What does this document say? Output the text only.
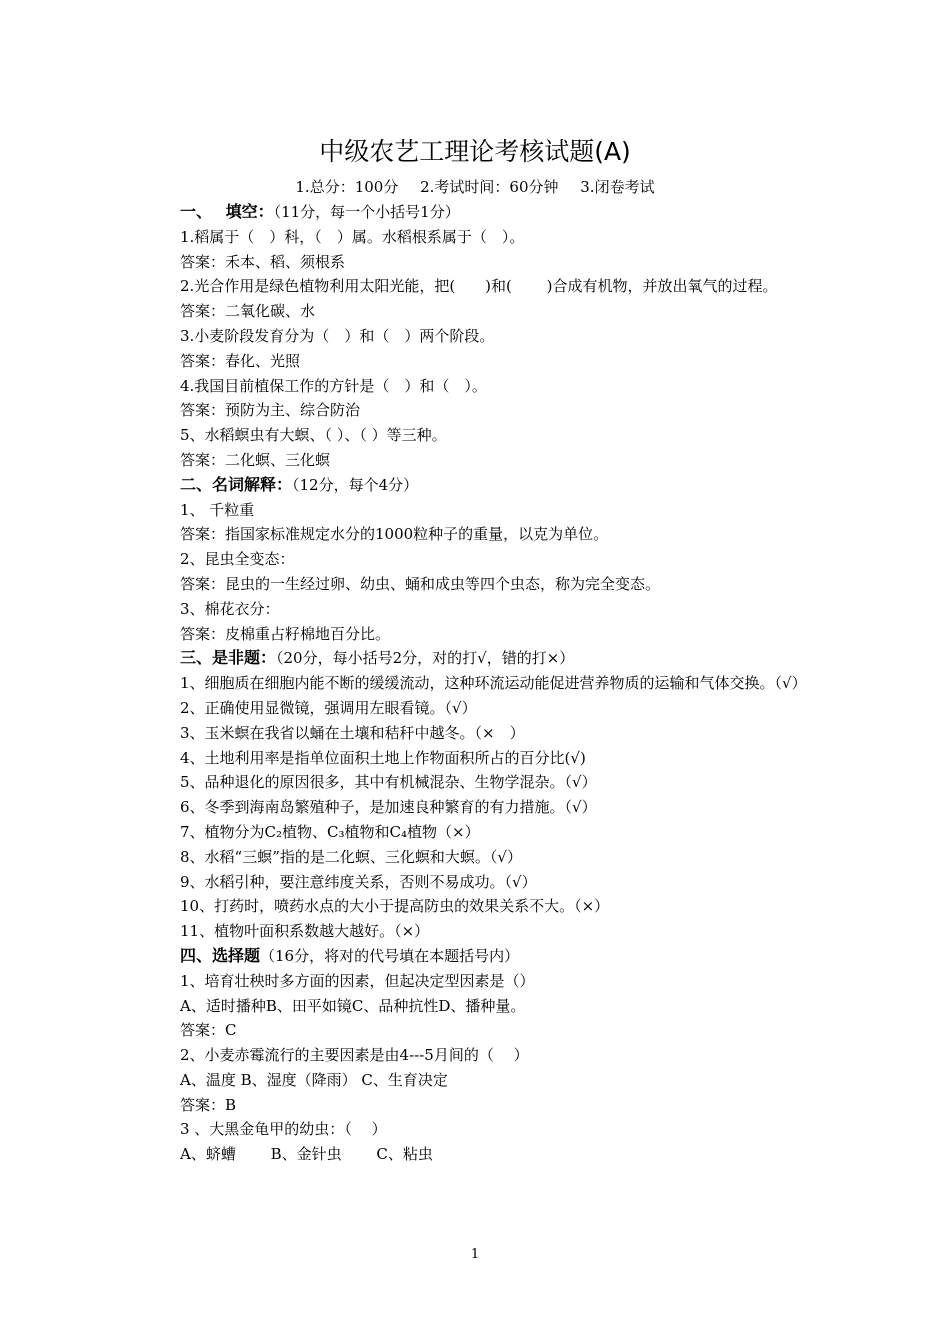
中级农艺工理论考核试题(A)
1.总分：100分　 2.考试时间：60分钟　 3.闭卷考试
一、　 填空：（11分，每一个小括号1分）
1.稻属于（　）科，（　）属。水稻根系属于（　）。
答案：禾本、稻、须根系
2.光合作用是绿色植物利用太阳光能，把(　　)和(　　 )合成有机物，并放出氧气的过程。
答案：二氧化碳、水
3.小麦阶段发育分为（　）和（　）两个阶段。
答案：春化、光照
4.我国目前植保工作的方针是（　）和（　）。
答案：预防为主、综合防治
5、水稻螟虫有大螟、（ ）、（ ）等三种。
答案：二化螟、三化螟
二、名词解释：（12分，每个4分）
1、 千粒重
答案：指国家标准规定水分的1000粒种子的重量，以克为单位。
2、昆虫全变态：
答案：昆虫的一生经过卵、幼虫、蛹和成虫等四个虫态，称为完全变态。
3、棉花衣分：
答案：皮棉重占籽棉地百分比。
三、是非题：（20分，每小括号2分，对的打√，错的打×）
1、细胞质在细胞内能不断的缓缓流动，这种环流运动能促进营养物质的运输和气体交换。（√）
2、正确使用显微镜，强调用左眼看镜。（√）
3、玉米螟在我省以蛹在土壤和秸秆中越冬。（×　）
4、土地利用率是指单位面积土地上作物面积所占的百分比(√)
5、品种退化的原因很多，其中有机械混杂、生物学混杂。（√）
6、冬季到海南岛繁殖种子，是加速良种繁育的有力措施。（√）
7、植物分为C₂植物、C₃植物和C₄植物（×）
8、水稻“三螟”指的是二化螟、三化螟和大螟。（√）
9、水稻引种，要注意纬度关系，否则不易成功。（√）
10、打药时，喷药水点的大小于提高防虫的效果关系不大。（×）
11、植物叶面积系数越大越好。（×）
四、选择题（16分，将对的代号填在本题括号内）
1、培育壮秧时多方面的因素，但起决定型因素是（）
A、适时播种B、田平如镜C、品种抗性D、播种量。
答案：C
2、小麦赤霉流行的主要因素是由4---5月间的（　 ）
A、温度 B、湿度（降雨） C、生育决定
答案：B
3 、大黑金龟甲的幼虫：（　 ）
A、蛴螬　　 B、金针虫　　 C、粘虫
1
